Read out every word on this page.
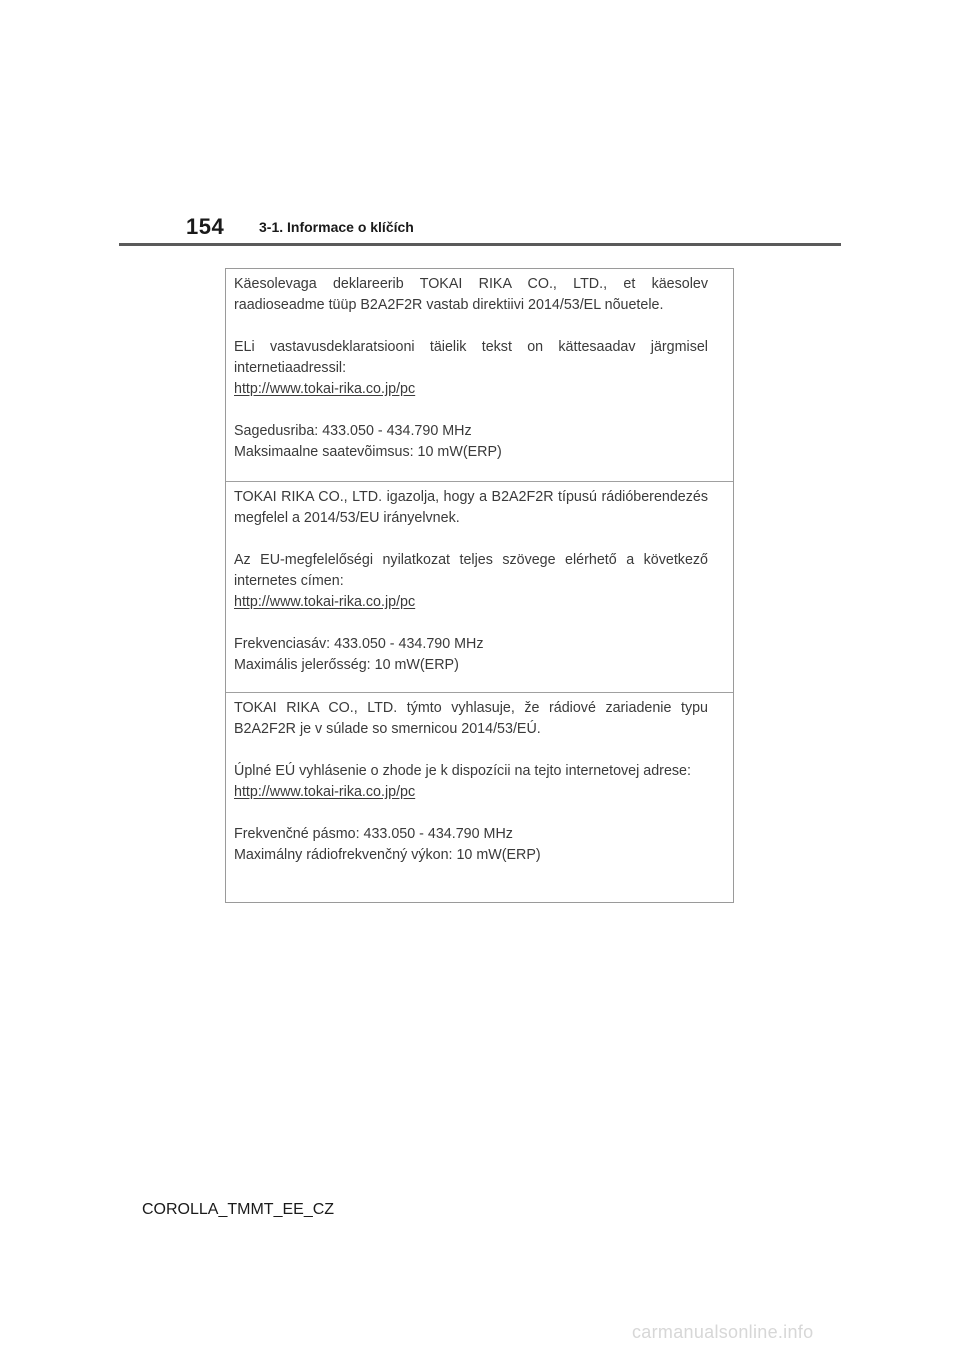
154 3-1. Informace o klíčích

Käesolevaga deklareerib TOKAI RIKA CO., LTD., et käesolev raadioseadme tüüp B2A2F2R vastab direktiivi 2014/53/EL nõuetele.

ELi vastavusdeklaratsiooni täielik tekst on kättesaadav järgmisel internetiaadressil:

http://www.tokai-rika.co.jp/pc
Sagedusriba: 433.050 - 434.790 MHz
Maksimaalne saatevõimsus: 10 mW(ERP)

TOKAI RIKA CO., LTD. igazolja, hogy a B2A2F2R típusú rádióberendezés megfelel a 2014/53/EU irányelvnek.

Az EU-megfelelőségi nyilatkozat teljes szövege elérhető a következő internetes címen:

http://www.tokai-rika.co.jp/pc
Frekvenciasáv: 433.050 - 434.790 MHz
Maximális jelerősség: 10 mW(ERP)

TOKAI RIKA CO., LTD. týmto vyhlasuje, že rádiové zariadenie typu B2A2F2R je v súlade so smernicou 2014/53/EÚ.

Úplné EÚ vyhlásenie o zhode je k dispozícii na tejto internetovej adrese:

http://www.tokai-rika.co.jp/pc
Frekvenčné pásmo: 433.050 - 434.790 MHz
Maximálny rádiofrekvenčný výkon: 10 mW(ERP)
COROLLA_TMMT_EE_CZ
carmanualsonline.info
